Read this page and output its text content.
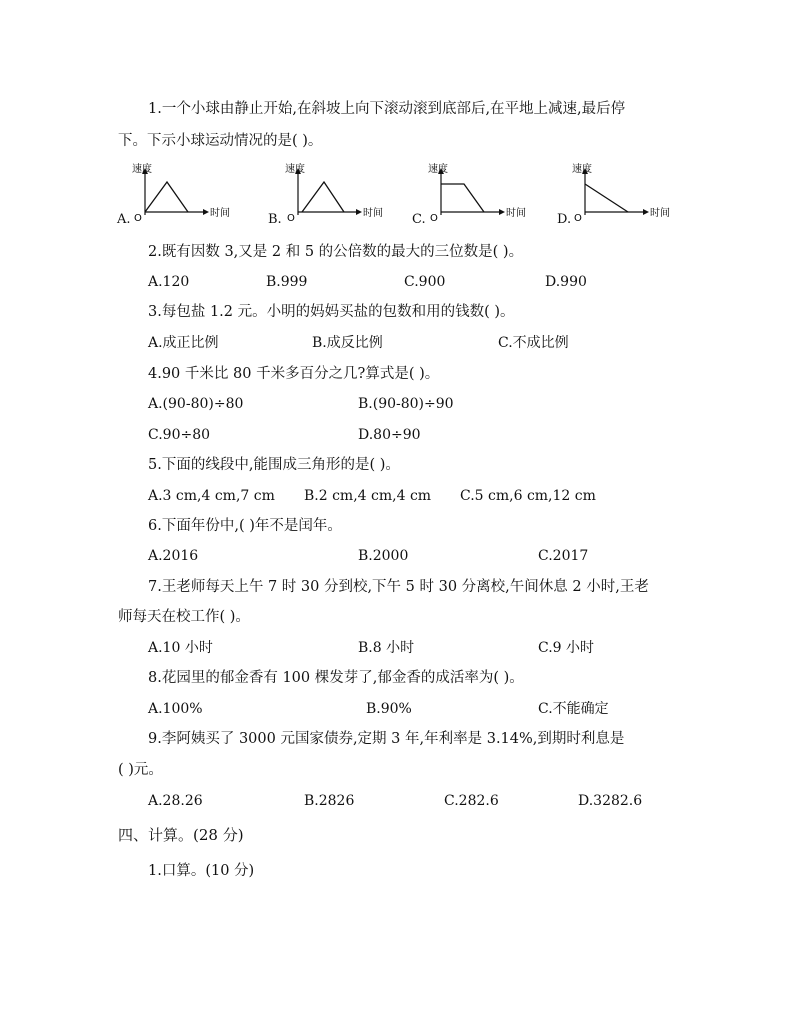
1.一个小球由静止开始,在斜坡上向下滚动滚到底部后,在平地上减速,最后停
下。下示小球运动情况的是( )。
A.
速度
时间
O	B.
速度
时间
O	C.
速度
时间
O	D.
速度
时间
O
2.既有因数 3,又是 2 和 5 的公倍数的最大的三位数是( )。
A.120	B.999	C.900	D.990
3.每包盐 1.2 元。小明的妈妈买盐的包数和用的钱数( )。
A.成正比例	B.成反比例	C.不成比例
4.90 千米比 80 千米多百分之几?算式是( )。
A.(90-80)÷80	B.(90-80)÷90
C.90÷80	D.80÷90
5.下面的线段中,能围成三角形的是( )。
A.3 cm,4 cm,7 cm B.2 cm,4 cm,4 cm C.5 cm,6 cm,12 cm
6.下面年份中,( )年不是闰年。
A.2016	B.2000	C.2017
7.王老师每天上午 7 时 30 分到校,下午 5 时 30 分离校,午间休息 2 小时,王老
师每天在校工作( )。
A.10 小时	B.8 小时	C.9 小时
8.花园里的郁金香有 100 棵发芽了,郁金香的成活率为( )。
A.100%	B.90%	C.不能确定
9.李阿姨买了 3000 元国家债券,定期 3 年,年利率是 3.14%,到期时利息是
( )元。
A.28.26	B.2826	C.282.6	D.3282.6
四、计算。(28 分)
1.口算。(10 分)
